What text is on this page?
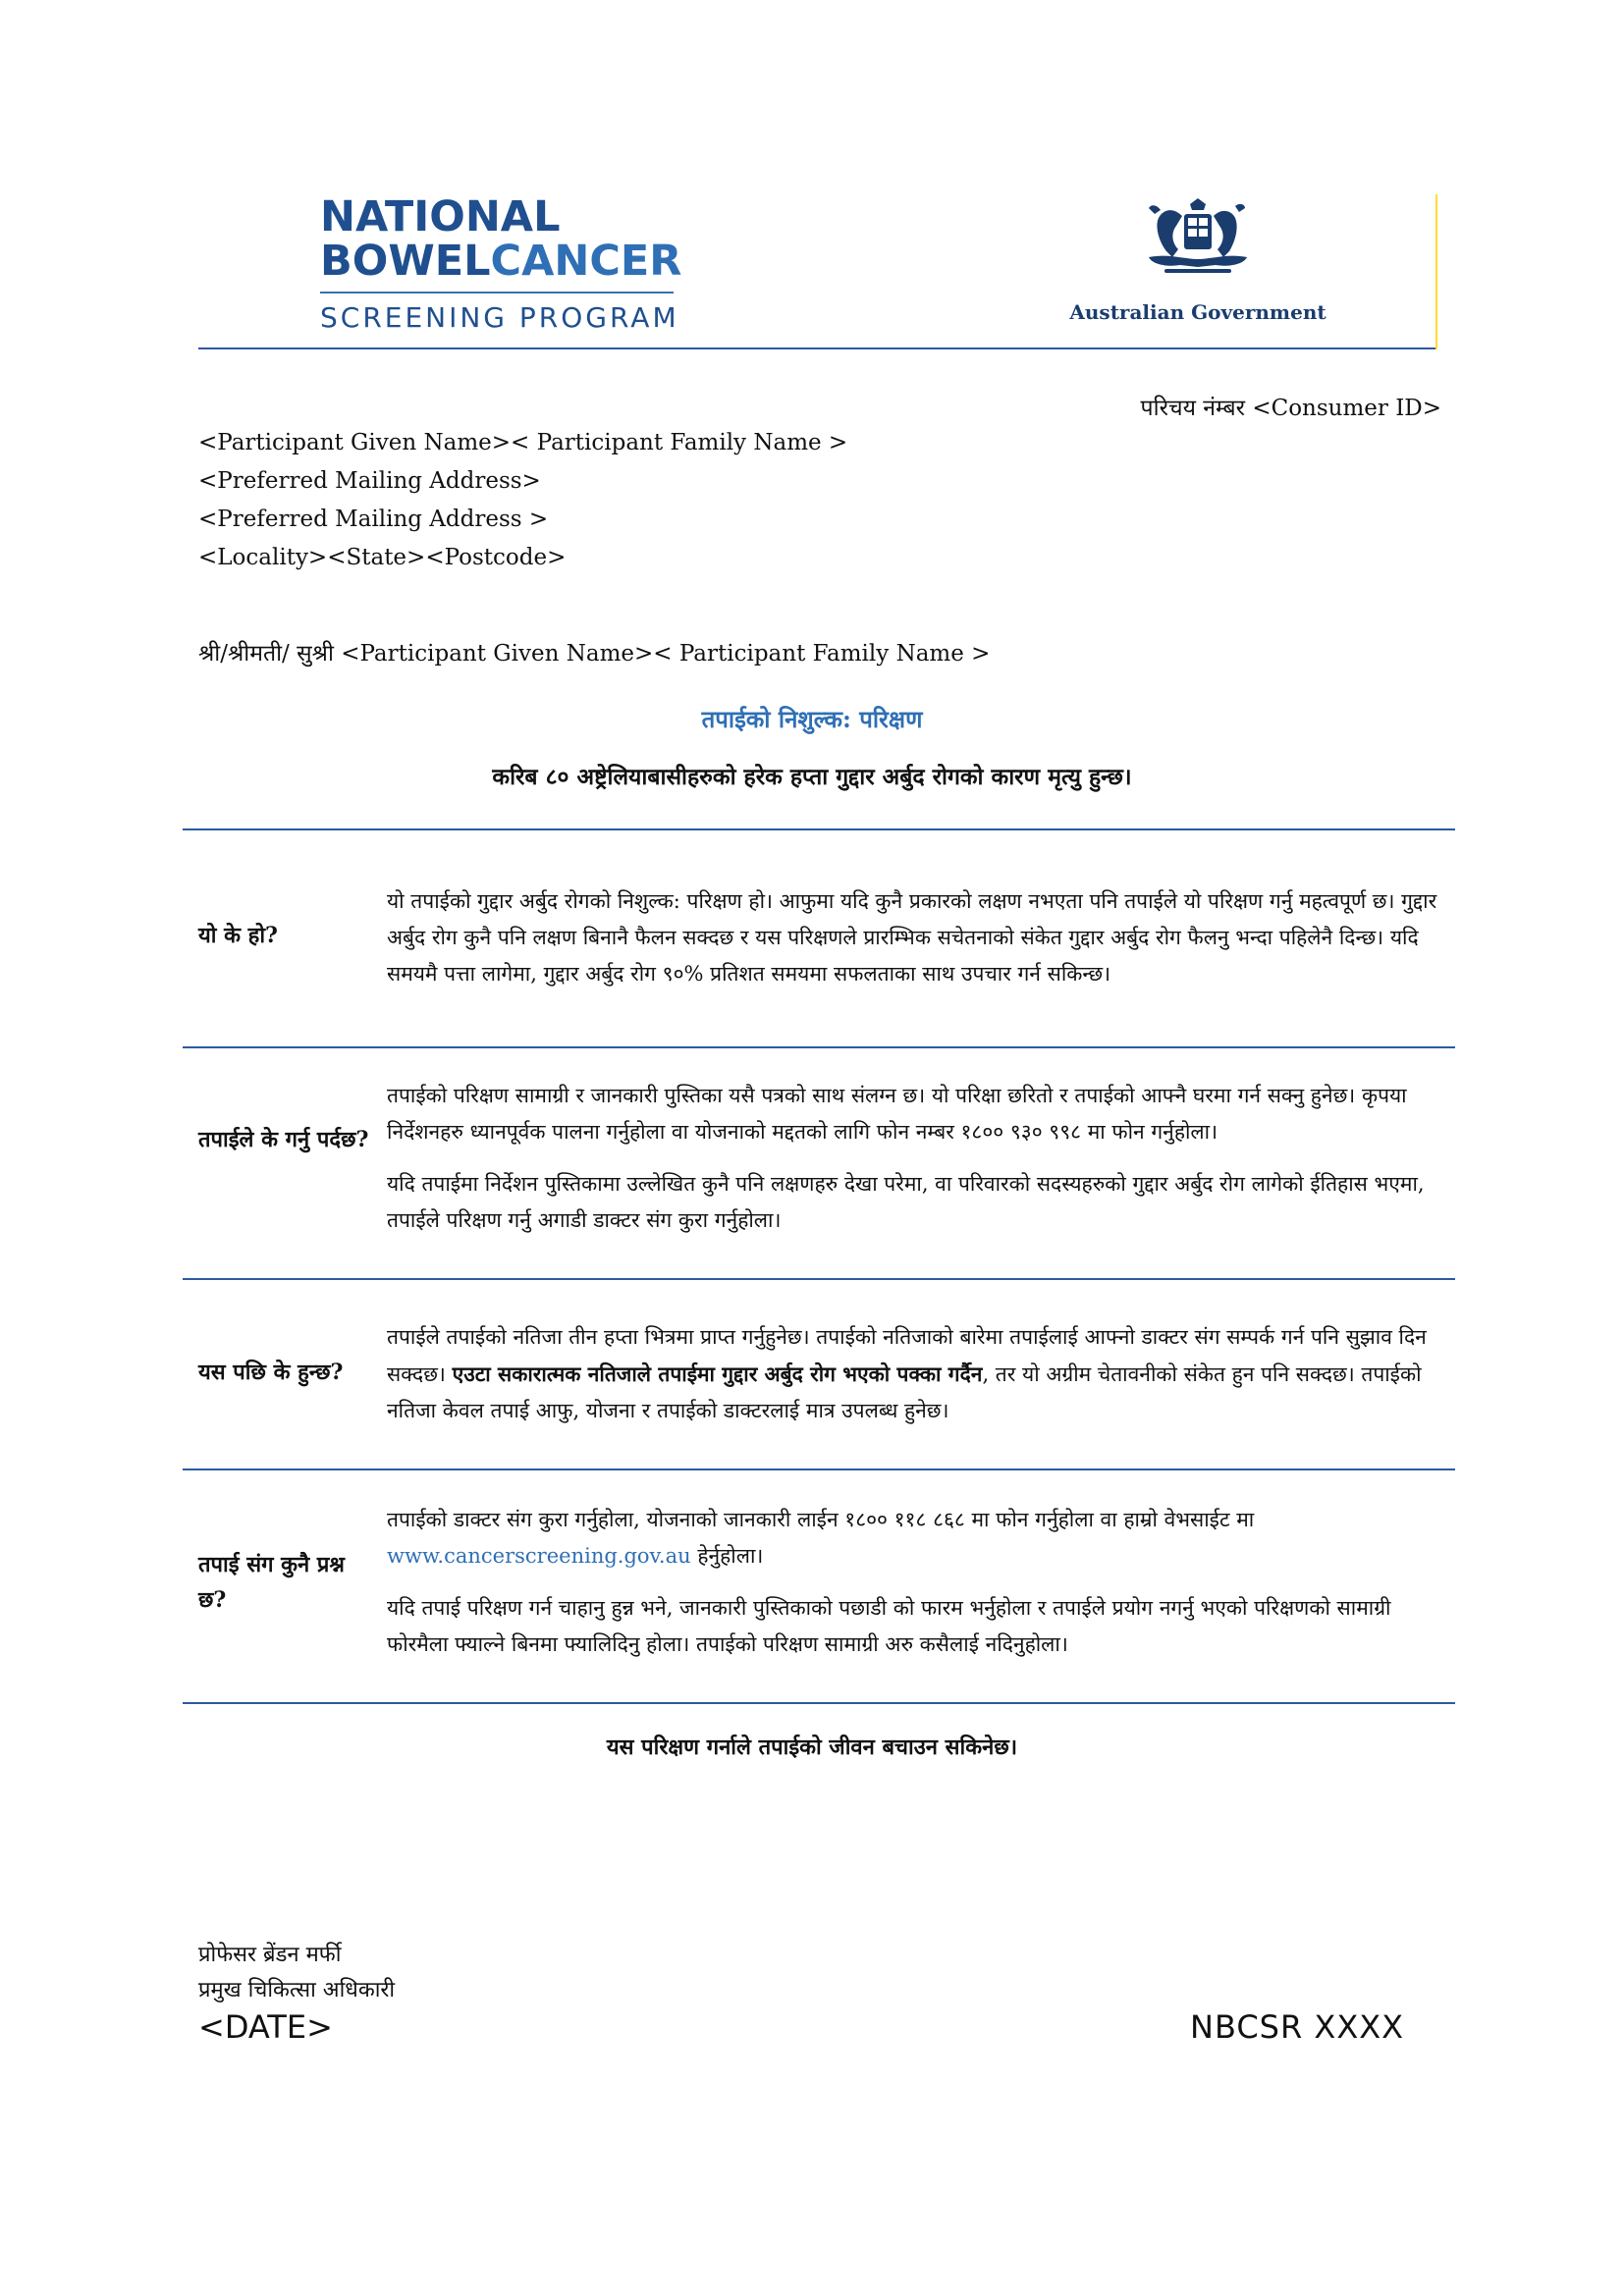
NATIONAL
BOWELCANCER
SCREENING PROGRAM	Australian Government
परिचय नंम्बर <Consumer ID>
<Participant Given Name>< Participant Family Name >
<Preferred Mailing Address>
<Preferred Mailing Address >
<Locality><State><Postcode>
श्री/श्रीमती/ सुश्री <Participant Given Name>< Participant Family Name >
तपाईको निशुल्क: परिक्षण
करिब ८० अष्ट्रेलियाबासीहरुको हरेक हप्ता गुद्दार अर्बुद रोगको कारण मृत्यु हुन्छ।
यो के हो?

यो तपाईको गुद्दार अर्बुद रोगको निशुल्क: परिक्षण हो। आफुमा यदि कुनै प्रकारको लक्षण नभएता पनि तपाईले यो परिक्षण गर्नु महत्वपूर्ण छ। गुद्दार अर्बुद रोग कुनै पनि लक्षण बिनानै फैलन सक्दछ र यस परिक्षणले प्रारम्भिक सचेतनाको संकेत गुद्दार अर्बुद रोग फैलनु भन्दा पहिलेनै दिन्छ। यदि समयमै पत्ता लागेमा, गुद्दार अर्बुद रोग ९०% प्रतिशत समयमा सफलताका साथ उपचार गर्न सकिन्छ।

तपाईले के गर्नु पर्दछ?

तपाईको परिक्षण सामाग्री र जानकारी पुस्तिका यसै पत्रको साथ संलग्न छ। यो परिक्षा छरितो र तपाईको आफ्नै घरमा गर्न सक्नु हुनेछ। कृपया निर्देशनहरु ध्यानपूर्वक पालना गर्नुहोला वा योजनाको मद्दतको लागि फोन नम्बर १८०० ९३० ९९८ मा फोन गर्नुहोला।

यदि तपाईमा निर्देशन पुस्तिकामा उल्लेखित कुनै पनि लक्षणहरु देखा परेमा, वा परिवारको सदस्यहरुको गुद्दार अर्बुद रोग लागेको ईतिहास भएमा, तपाईले परिक्षण गर्नु अगाडी डाक्टर संग कुरा गर्नुहोला।

यस पछि के हुन्छ?

तपाईले तपाईको नतिजा तीन हप्ता भित्रमा प्राप्त गर्नुहुनेछ। तपाईको नतिजाको बारेमा तपाईलाई आफ्नो डाक्टर संग सम्पर्क गर्न पनि सुझाव दिन सक्दछ। एउटा सकारात्मक नतिजाले तपाईमा गुद्दार अर्बुद रोग भएको पक्का गर्दैन, तर यो अग्रीम चेतावनीको संकेत हुन पनि सक्दछ। तपाईको नतिजा केवल तपाई आफु, योजना र तपाईको डाक्टरलाई मात्र उपलब्ध हुनेछ।

तपाई संग कुनै प्रश्न छ?

तपाईको डाक्टर संग कुरा गर्नुहोला, योजनाको जानकारी लाईन १८०० ११८ ८६८ मा फोन गर्नुहोला वा हाम्रो वेभसाईट मा www.cancerscreening.gov.au हेर्नुहोला।

यदि तपाई परिक्षण गर्न चाहानु हुन्न भने, जानकारी पुस्तिकाको पछाडी को फारम भर्नुहोला र तपाईले प्रयोग नगर्नु भएको परिक्षणको सामाग्री फोरमैला फ्याल्ने बिनमा फ्यालिदिनु होला। तपाईको परिक्षण सामाग्री अरु कसैलाई नदिनुहोला।

यस परिक्षण गर्नाले तपाईको जीवन बचाउन सकिनेछ।
प्रोफेसर ब्रेंडन मर्फी
प्रमुख चिकित्सा अधिकारी
<DATE>	NBCSR XXXX
